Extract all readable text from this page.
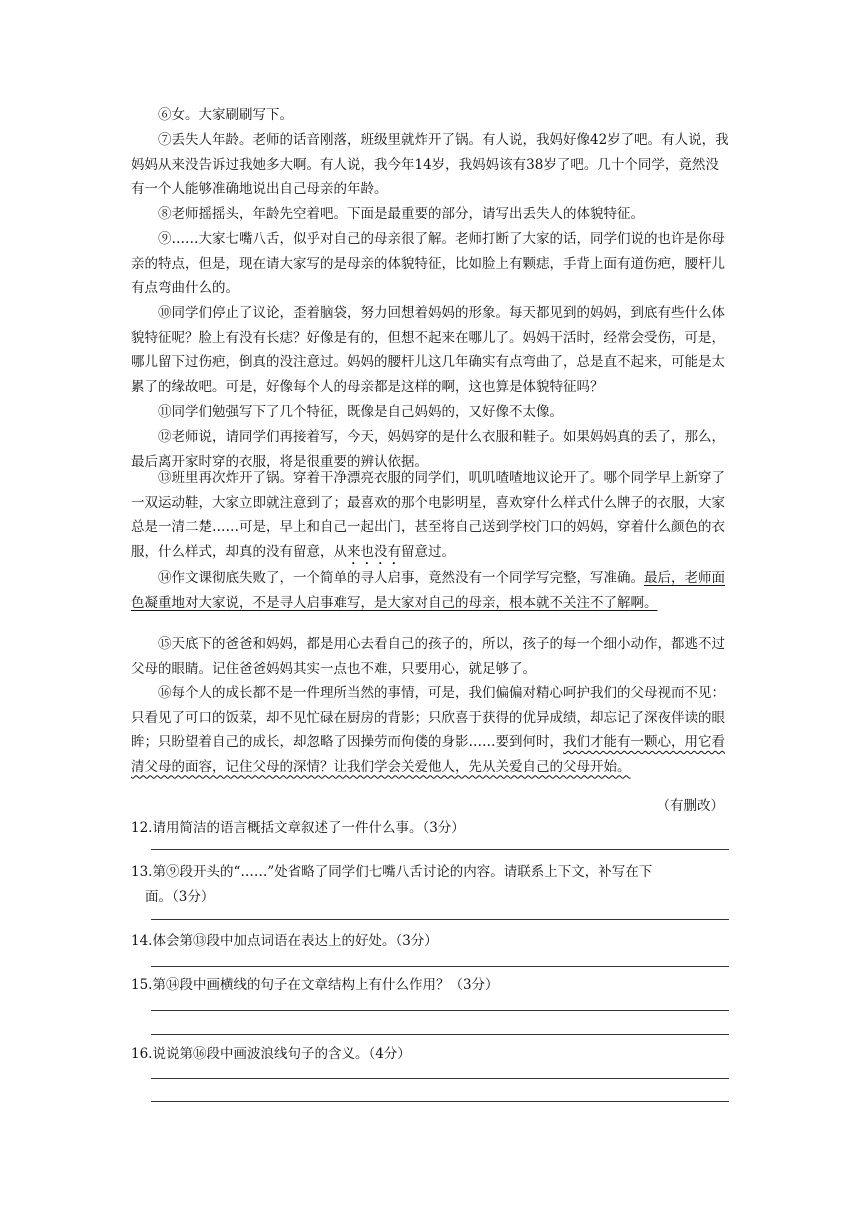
⑥女。大家刷刷写下。

⑦丢失人年龄。老师的话音刚落，班级里就炸开了锅。有人说，我妈好像42岁了吧。有人说，我妈妈从来没告诉过我她多大啊。有人说，我今年14岁，我妈妈该有38岁了吧。几十个同学，竟然没有一个人能够准确地说出自己母亲的年龄。

⑧老师摇摇头，年龄先空着吧。下面是最重要的部分，请写出丢失人的体貌特征。

⑨……大家七嘴八舌，似乎对自己的母亲很了解。老师打断了大家的话，同学们说的也许是你母亲的特点，但是，现在请大家写的是母亲的体貌特征，比如脸上有颗痣，手背上面有道伤疤，腰杆儿有点弯曲什么的。

⑩同学们停止了议论，歪着脑袋，努力回想着妈妈的形象。每天都见到的妈妈，到底有些什么体貌特征呢？脸上有没有长痣？好像是有的，但想不起来在哪儿了。妈妈干活时，经常会受伤，可是，哪儿留下过伤疤，倒真的没注意过。妈妈的腰杆儿这几年确实有点弯曲了，总是直不起来，可能是太累了的缘故吧。可是，好像每个人的母亲都是这样的啊，这也算是体貌特征吗？

⑪同学们勉强写下了几个特征，既像是自己妈妈的，又好像不太像。

⑫老师说，请同学们再接着写，今天，妈妈穿的是什么衣服和鞋子。如果妈妈真的丢了，那么，最后离开家时穿的衣服，将是很重要的辨认依据。

⑬班里再次炸开了锅。穿着干净漂亮衣服的同学们，叽叽喳喳地议论开了。哪个同学早上新穿了一双运动鞋，大家立即就注意到了；最喜欢的那个电影明星，喜欢穿什么样式什么牌子的衣服，大家总是一清二楚……可是，早上和自己一起出门，甚至将自己送到学校门口的妈妈，穿着什么颜色的衣服，什么样式，却真的没有留意，从来也没有留意过。

⑭作文课彻底失败了，一个简单的寻人启事，竟然没有一个同学写完整，写准确。最后，老师面色凝重地对大家说，不是寻人启事难写，是大家对自己的母亲，根本就不关注不了解啊。

⑮天底下的爸爸和妈妈，都是用心去看自己的孩子的，所以，孩子的每一个细小动作，都逃不过父母的眼睛。记住爸爸妈妈其实一点也不难，只要用心，就足够了。

⑯每个人的成长都不是一件理所当然的事情，可是，我们偏偏对精心呵护我们的父母视而不见：只看见了可口的饭菜，却不见忙碌在厨房的背影；只欣喜于获得的优异成绩，却忘记了深夜伴读的眼眸；只盼望着自己的成长，却忽略了因操劳而佝偻的身影……要到何时，我们才能有一颗心，用它看清父母的面容，记住父母的深情？让我们学会关爱他人，先从关爱自己的父母开始。

（有删改）

12.请用简洁的语言概括文章叙述了一件什么事。（3分）

13.第⑨段开头的“……”处省略了同学们七嘴八舌讨论的内容。请联系上下文，补写在下
面。（3分）

14.体会第⑬段中加点词语在表达上的好处。（3分）

15.第⑭段中画横线的句子在文章结构上有什么作用？（3分）

16.说说第⑯段中画波浪线句子的含义。（4分）
